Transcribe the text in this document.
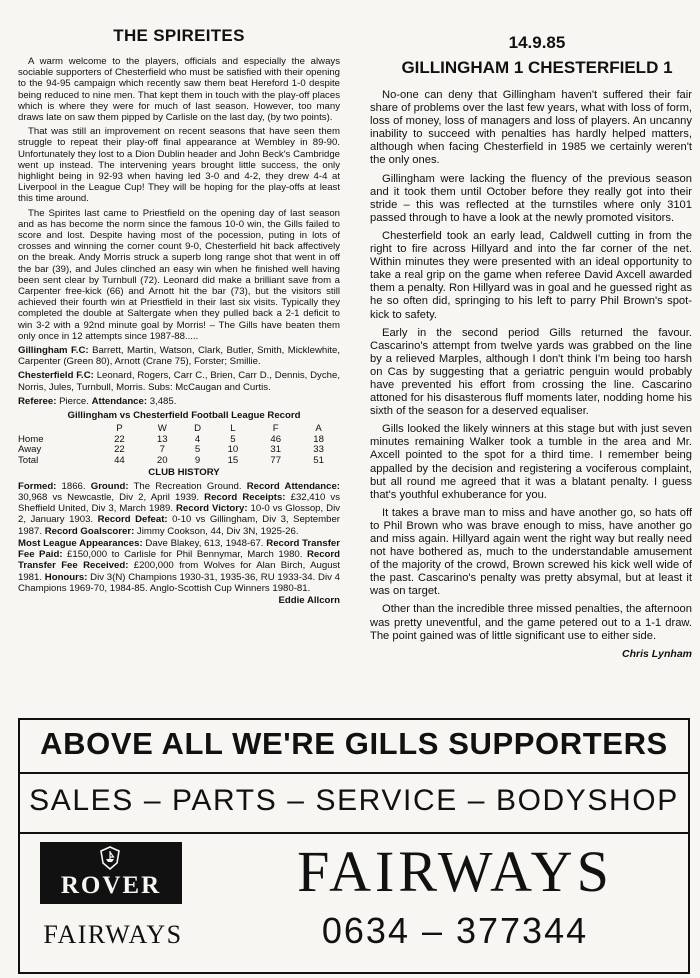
THE SPIREITES

A warm welcome to the players, officials and especially the always sociable supporters of Chesterfield who must be satisfied with their opening to the 94-95 campaign which recently saw them beat Hereford 1-0 despite being reduced to nine men. That kept them in touch with the play-off places which is where they were for much of last season. However, too many draws late on saw them pipped by Carlisle on the last day, (by two points).

That was still an improvement on recent seasons that have seen them struggle to repeat their play-off final appearance at Wembley in 89-90. Unfortunately they lost to a Dion Dublin header and John Beck's Cambridge went up instead. The intervening years brought little success, the only highlight being in 92-93 when having led 3-0 and 4-2, they drew 4-4 at Liverpool in the League Cup! They will be hoping for the play-offs at least this time around.

The Spirites last came to Priestfield on the opening day of last season and as has become the norm since the famous 10-0 win, the Gills failed to score and lost. Despite having most of the pocession, puting in lots of crosses and winning the corner count 9-0, Chesterfield hit back affectively on the break. Andy Morris struck a superb long range shot that went in off the bar (39), and Jules clinched an easy win when he finished well having been sent clear by Turnbull (72). Leonard did make a brilliant save from a Carpenter free-kick (66) and Arnott hit the bar (73), but the visitors still achieved their fourth win at Priestfield in their last six visits. Typically they completed the double at Saltergate when they pulled back a 2-1 deficit to win 3-2 with a 92nd minute goal by Morris! – The Gills have beaten them only once in 12 attempts since 1987-88.....

Gillingham F.C: Barrett, Martin, Watson, Clark, Butler, Smith, Micklewhite, Carpenter (Green 80), Arnott (Crane 75), Forster; Smillie.

Chesterfield F.C: Leonard, Rogers, Carr C., Brien, Carr D., Dennis, Dyche, Norris, Jules, Turnbull, Morris. Subs: McCaugan and Curtis.

Referee: Pierce. Attendance: 3,485.

Gillingham vs Chesterfield Football League Record

	P	W	D	L	F	A
Home	22	13	4	5	46	18
Away	22	7	5	10	31	33
Total	44	20	9	15	77	51

CLUB HISTORY

Formed: 1866. Ground: The Recreation Ground. Record Attendance: 30,968 vs Newcastle, Div 2, April 1939. Record Receipts: £32,410 vs Sheffield United, Div 3, March 1989. Record Victory: 10-0 vs Glossop, Div 2, January 1903. Record Defeat: 0-10 vs Gillingham, Div 3, September 1987. Record Goalscorer: Jimmy Cookson, 44, Div 3N, 1925-26.

Most League Appearances: Dave Blakey, 613, 1948-67. Record Transfer Fee Paid: £150,000 to Carlisle for Phil Bennymar, March 1980. Record Transfer Fee Received: £200,000 from Wolves for Alan Birch, August 1981. Honours: Div 3(N) Champions 1930-31, 1935-36, RU 1933-34. Div 4 Champions 1969-70, 1984-85. Anglo-Scottish Cup Winners 1980-81.

Eddie Allcorn

14.9.85

GILLINGHAM 1 CHESTERFIELD 1

No-one can deny that Gillingham haven't suffered their fair share of problems over the last few years, what with loss of form, loss of money, loss of managers and loss of players. An uncanny inability to succeed with penalties has hardly helped matters, although when facing Chesterfield in 1985 we certainly weren't the only ones.

Gillingham were lacking the fluency of the previous season and it took them until October before they really got into their stride – this was reflected at the turnstiles where only 3101 passed through to have a look at the newly promoted visitors.

Chesterfield took an early lead, Caldwell cutting in from the right to fire across Hillyard and into the far corner of the net. Within minutes they were presented with an ideal opportunity to take a real grip on the game when referee David Axcell awarded them a penalty. Ron Hillyard was in goal and he guessed right as he so often did, springing to his left to parry Phil Brown's spot-kick to safety.

Early in the second period Gills returned the favour. Cascarino's attempt from twelve yards was grabbed on the line by a relieved Marples, although I don't think I'm being too harsh on Cas by suggesting that a geriatric penguin would probably have prevented his effort from crossing the line. Cascarino attoned for his disasterous fluff moments later, nodding home his sixth of the season for a deserved equaliser.

Gills looked the likely winners at this stage but with just seven minutes remaining Walker took a tumble in the area and Mr. Axcell pointed to the spot for a third time. I remember being appalled by the decision and registering a vociferous complaint, but all round me agreed that it was a blatant penalty. I guess that's youthful exhuberance for you.

It takes a brave man to miss and have another go, so hats off to Phil Brown who was brave enough to miss, have another go and miss again. Hillyard again went the right way but really need not have bothered as, much to the understandable amusement of the majority of the crowd, Brown screwed his kick well wide of the past. Cascarino's penalty was pretty absymal, but at least it was on target.

Other than the incredible three missed penalties, the afternoon was pretty uneventful, and the game petered out to a 1-1 draw. The point gained was of little significant use to either side.

Chris Lynham

ABOVE ALL WE'RE GILLS SUPPORTERS
SALES – PARTS – SERVICE – BODYSHOP
ROVER
FAIRWAYS
FAIRWAYS
0634 – 377344
